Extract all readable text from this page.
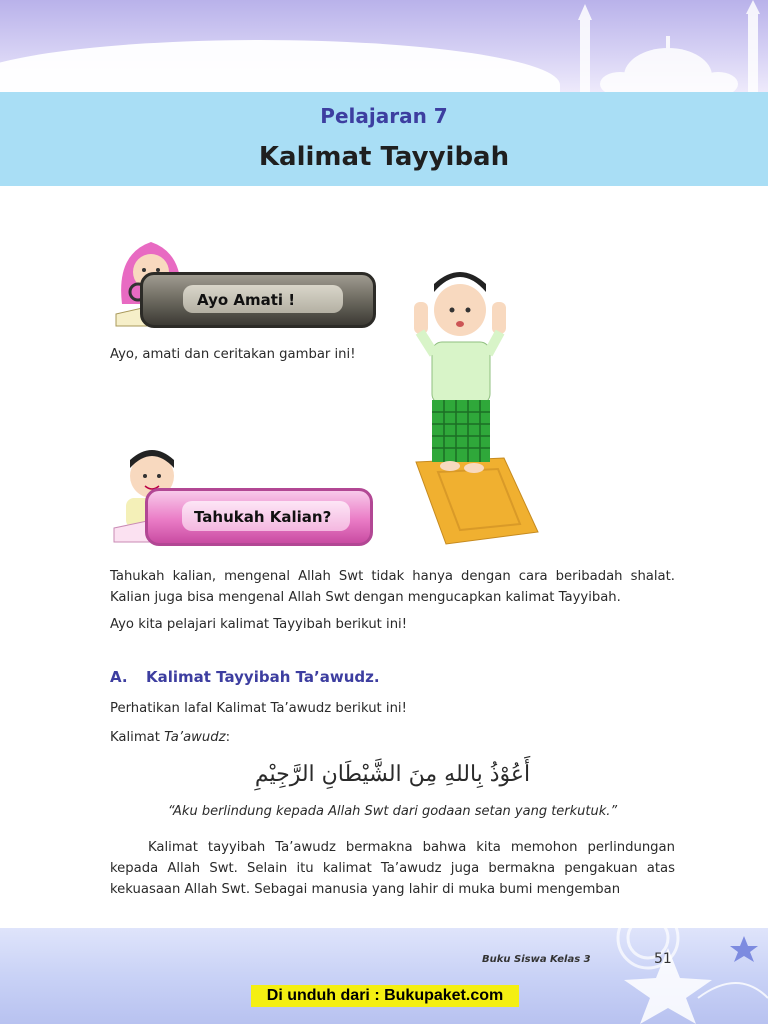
Pelajaran 7
Kalimat Tayyibah
Ayo Amati !

Ayo, amati dan ceritakan gambar ini!

Tahukah Kalian?

Tahukah kalian, mengenal Allah Swt tidak hanya dengan cara beribadah shalat. Kalian juga bisa mengenal Allah Swt dengan mengucapkan kalimat Tayyibah.

Ayo kita pelajari kalimat Tayyibah berikut ini!

A. Kalimat Tayyibah Ta’awudz.

Perhatikan lafal Kalimat Ta’awudz berikut ini!

Kalimat Ta’awudz:

أَعُوْذُ بِاللهِ مِنَ الشَّيْطَانِ الرَّجِيْمِ
“Aku berlindung kepada Allah Swt dari godaan setan yang terkutuk.”

Kalimat tayyibah Ta’awudz bermakna bahwa kita memohon perlindungan kepada Allah Swt. Selain itu kalimat Ta’awudz juga bermakna pengakuan atas kekuasaan Allah Swt. Sebagai manusia yang lahir di muka bumi mengemban

Buku Siswa Kelas 3	51
Di unduh dari : Bukupaket.com
